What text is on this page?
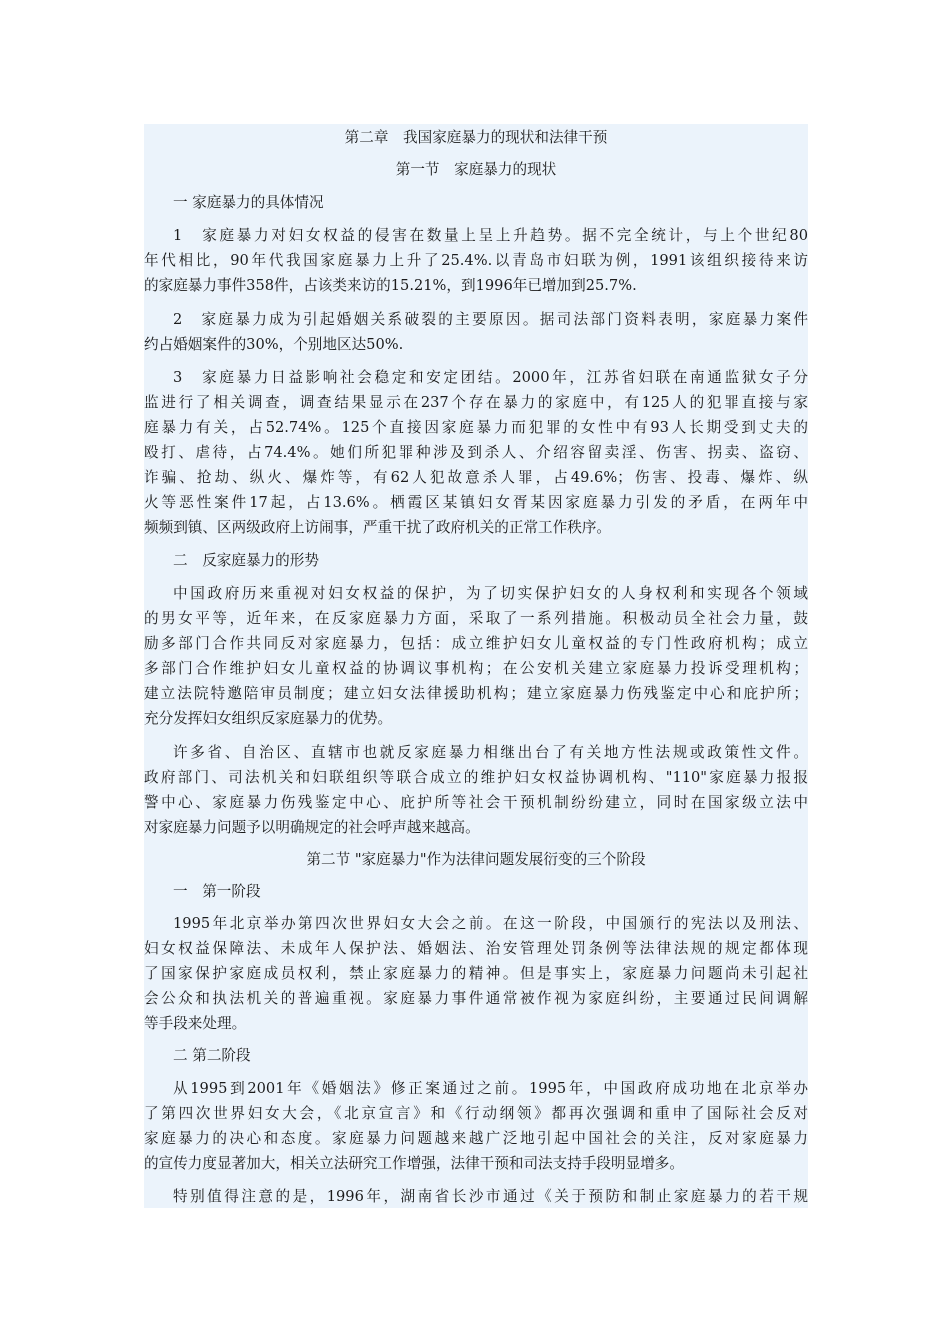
第二章　我国家庭暴力的现状和法律干预
第一节　家庭暴力的现状
一 家庭暴力的具体情况
1　家庭暴力对妇女权益的侵害在数量上呈上升趋势。据不完全统计，与上个世纪80
年代相比，90年代我国家庭暴力上升了25.4%.以青岛市妇联为例，1991该组织接待来访
的家庭暴力事件358件，占该类来访的15.21%，到1996年已增加到25.7%.
2　家庭暴力成为引起婚姻关系破裂的主要原因。据司法部门资料表明，家庭暴力案件
约占婚姻案件的30%，个别地区达50%.
3　家庭暴力日益影响社会稳定和安定团结。2000年，江苏省妇联在南通监狱女子分
监进行了相关调查，调查结果显示在237个存在暴力的家庭中，有125人的犯罪直接与家
庭暴力有关，占52.74%。125个直接因家庭暴力而犯罪的女性中有93人长期受到丈夫的
殴打、虐待，占74.4%。她们所犯罪种涉及到杀人、介绍容留卖淫、伤害、拐卖、盗窃、
诈骗、抢劫、纵火、爆炸等，有62人犯故意杀人罪，占49.6%；伤害、投毒、爆炸、纵
火等恶性案件17起，占13.6%。栖霞区某镇妇女胥某因家庭暴力引发的矛盾，在两年中
频频到镇、区两级政府上访闹事，严重干扰了政府机关的正常工作秩序。
二　反家庭暴力的形势
中国政府历来重视对妇女权益的保护，为了切实保护妇女的人身权利和实现各个领域
的男女平等，近年来，在反家庭暴力方面，采取了一系列措施。积极动员全社会力量，鼓
励多部门合作共同反对家庭暴力，包括：成立维护妇女儿童权益的专门性政府机构；成立
多部门合作维护妇女儿童权益的协调议事机构；在公安机关建立家庭暴力投诉受理机构；
建立法院特邀陪审员制度；建立妇女法律援助机构；建立家庭暴力伤残鉴定中心和庇护所；
充分发挥妇女组织反家庭暴力的优势。
许多省、自治区、直辖市也就反家庭暴力相继出台了有关地方性法规或政策性文件。
政府部门、司法机关和妇联组织等联合成立的维护妇女权益协调机构、"110"家庭暴力报报
警中心、家庭暴力伤残鉴定中心、庇护所等社会干预机制纷纷建立，同时在国家级立法中
对家庭暴力问题予以明确规定的社会呼声越来越高。
第二节 "家庭暴力"作为法律问题发展衍变的三个阶段
一　第一阶段
1995年北京举办第四次世界妇女大会之前。在这一阶段，中国颁行的宪法以及刑法、
妇女权益保障法、未成年人保护法、婚姻法、治安管理处罚条例等法律法规的规定都体现
了国家保护家庭成员权利，禁止家庭暴力的精神。但是事实上，家庭暴力问题尚未引起社
会公众和执法机关的普遍重视。家庭暴力事件通常被作视为家庭纠纷，主要通过民间调解
等手段来处理。
二 第二阶段
从1995到2001年《婚姻法》修正案通过之前。1995年，中国政府成功地在北京举办
了第四次世界妇女大会，《北京宣言》和《行动纲领》都再次强调和重申了国际社会反对
家庭暴力的决心和态度。家庭暴力问题越来越广泛地引起中国社会的关注，反对家庭暴力
的宣传力度显著加大，相关立法研究工作增强，法律干预和司法支持手段明显增多。
特别值得注意的是，1996年，湖南省长沙市通过《关于预防和制止家庭暴力的若干规
